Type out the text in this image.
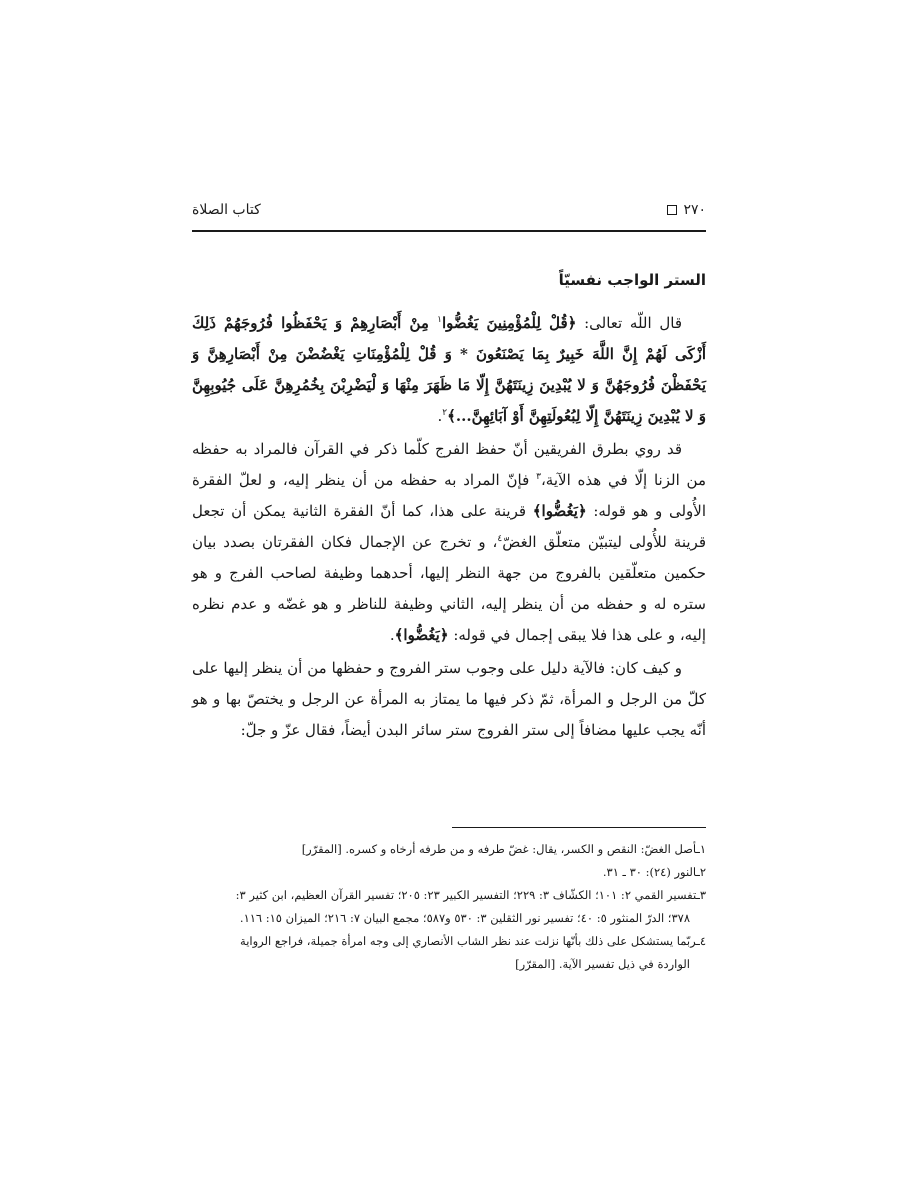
٢٧٠
كتاب الصلاة
الستر الواجب نفسيّاً

قال اللّه تعالى: ﴿قُلْ لِلْمُؤْمِنِينَ يَغُضُّوا$^١$ مِنْ أَبْصَارِهِمْ وَ يَحْفَظُوا فُرُوجَهُمْ ذَلِكَ أَزْكَى لَهُمْ إِنَّ اللَّهَ خَبِيرٌ بِمَا يَصْنَعُونَ * وَ قُلْ لِلْمُؤْمِنَاتِ يَغْضُضْنَ مِنْ أَبْصَارِهِنَّ وَ يَحْفَظْنَ فُرُوجَهُنَّ وَ لا يُبْدِينَ زِينَتَهُنَّ إِلّا مَا ظَهَرَ مِنْهَا وَ لْيَضْرِبْنَ بِخُمُرِهِنَّ عَلَى جُيُوبِهِنَّ وَ لا يُبْدِينَ زِينَتَهُنَّ إِلّا لِبُعُولَتِهِنَّ أَوْ آبَائِهِنَّ...﴾$^٢$.

قد روي بطرق الفريقين أنّ حفظ الفرج كلّما ذكر في القرآن فالمراد به حفظه من الزنا إلّا في هذه الآية،$^٣$ فإنّ المراد به حفظه من أن ينظر إليه، و لعلّ الفقرة الأُولى و هو قوله: ﴿يَغُضُّوا﴾ قرينة على هذا، كما أنّ الفقرة الثانية يمكن أن تجعل قرينة للأُولى ليتبيّن متعلّق الغضّ$^٤$، و تخرج عن الإجمال فكان الفقرتان بصدد بيان حكمين متعلّقين بالفروج من جهة النظر إليها، أحدهما وظيفة لصاحب الفرج و هو ستره له و حفظه من أن ينظر إليه، الثاني وظيفة للناظر و هو غضّه و عدم نظره إليه، و على هذا فلا يبقى إجمال في قوله: ﴿يَغُضُّوا﴾.

و كيف كان: فالآية دليل على وجوب ستر الفروج و حفظها من أن ينظر إليها على كلّ من الرجل و المرأة، ثمّ ذكر فيها ما يمتاز به المرأة عن الرجل و يختصّ بها و هو أنّه يجب عليها مضافاً إلى ستر الفروج ستر سائر البدن أيضاً، فقال عزّ و جلّ:

١ـأصل الغضّ: النقص و الكسر، يقال: غضّ طرفه و من طرفه أرخاه و كسره. [المقرّر]
٢ـالنور (٢٤): ٣٠ ـ ٣١.
٣ـتفسير القمي ٢: ١٠١؛ الكشّاف ٣: ٢٢٩؛ التفسير الكبير ٢٣: ٢٠٥؛ تفسير القرآن العظيم، ابن كثير ٣:
٣٧٨؛ الدرّ المنثور ٥: ٤٠؛ تفسير نور الثقلين ٣: ٥٣٠ و٥٨٧؛ مجمع البيان ٧: ٢١٦؛ الميزان ١٥: ١١٦.
٤ـربّما يستشكل على ذلك بأنّها نزلت عند نظر الشاب الأنصاري إلى وجه امرأة جميلة، فراجع الرواية
الواردة في ذيل تفسير الآية. [المقرّر]
